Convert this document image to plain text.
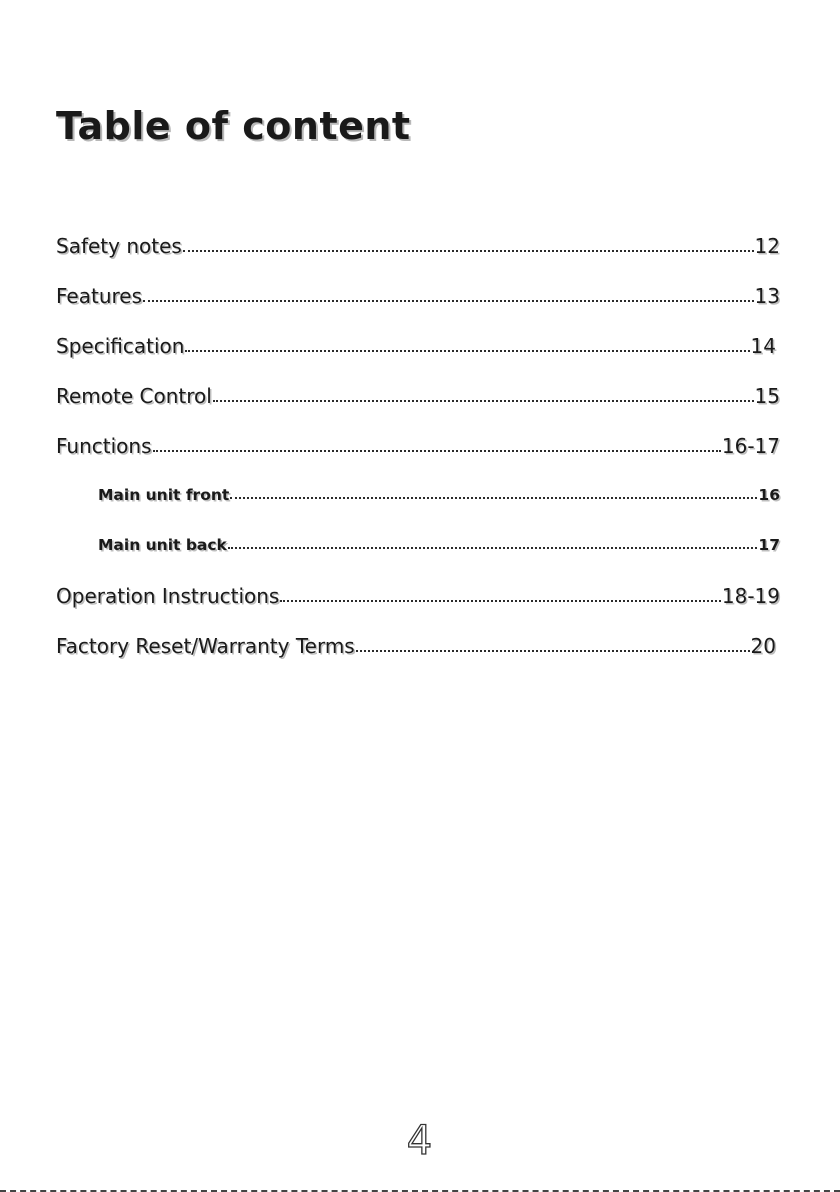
Table of content
Safety notes	12
Features	13
Specification	14
Remote Control	15
Functions	16-17
Main unit front	16
Main unit back	17
Operation Instructions	18-19
Factory Reset/Warranty Terms	20
4
